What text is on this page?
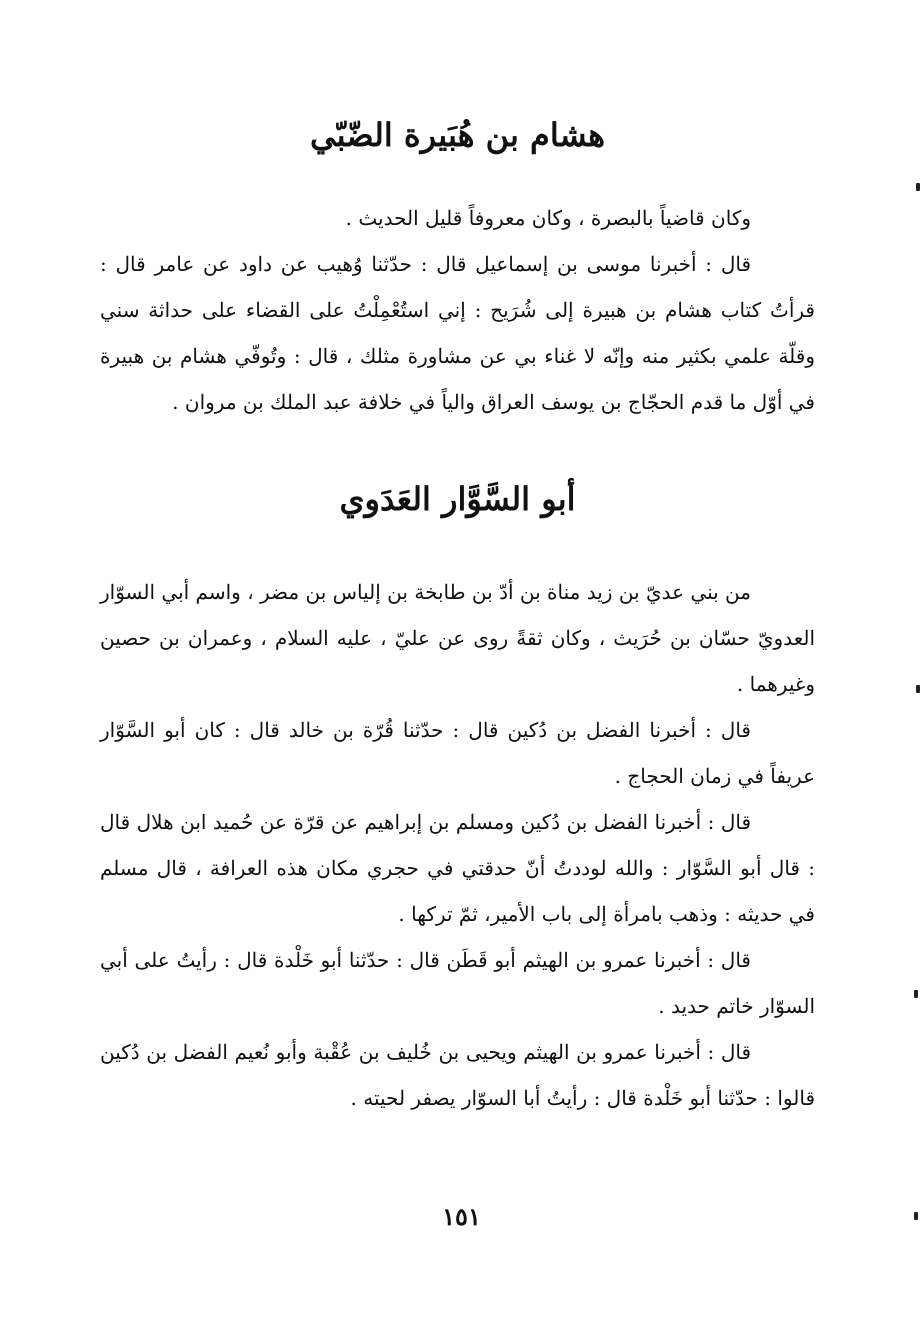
هشام بن هُبَيرة الضّبّي

وكان قاضياً بالبصرة ، وكان معروفاً قليل الحديث .

قال : أخبرنا موسى بن إسماعيل قال : حدّثنا وُهيب عن داود عن عامر قال : قرأتُ كتاب هشام بن هبيرة إلى شُرَيح : إني استُعْمِلْتُ على القضاء على حداثة سني وقلّة علمي بكثير منه وإنّه لا غناء بي عن مشاورة مثلك ، قال : وتُوفّي هشام بن هبيرة في أوّل ما قدم الحجّاج بن يوسف العراق والياً في خلافة عبد الملك بن مروان .

أبو السَّوَّار العَدَوي

من بني عديّ بن زيد مناة بن أدّ بن طابخة بن إلياس بن مضر ، واسم أبي السوّار العدويّ حسّان بن حُرَيث ، وكان ثقةً روى عن عليّ ، عليه السلام ، وعمران بن حصين وغيرهما .

قال : أخبرنا الفضل بن دُكين قال : حدّثنا قُرّة بن خالد قال : كان أبو السَّوّار عريفاً في زمان الحجاج .

قال : أخبرنا الفضل بن دُكين ومسلم بن إبراهيم عن قرّة عن حُميد ابن هلال قال : قال أبو السَّوّار : والله لوددتُ أنّ حدقتي في حجري مكان هذه العرافة ، قال مسلم في حديثه : وذهب بامرأة إلى باب الأمير، ثمّ تركها .

قال : أخبرنا عمرو بن الهيثم أبو قَطَن قال : حدّثنا أبو خَلْدة قال : رأيتُ على أبي السوّار خاتم حديد .

قال : أخبرنا عمرو بن الهيثم ويحيى بن خُليف بن عُقْبة وأبو نُعيم الفضل بن دُكين قالوا : حدّثنا أبو خَلْدة قال : رأيتُ أبا السوّار يصفر لحيته .

١٥١
